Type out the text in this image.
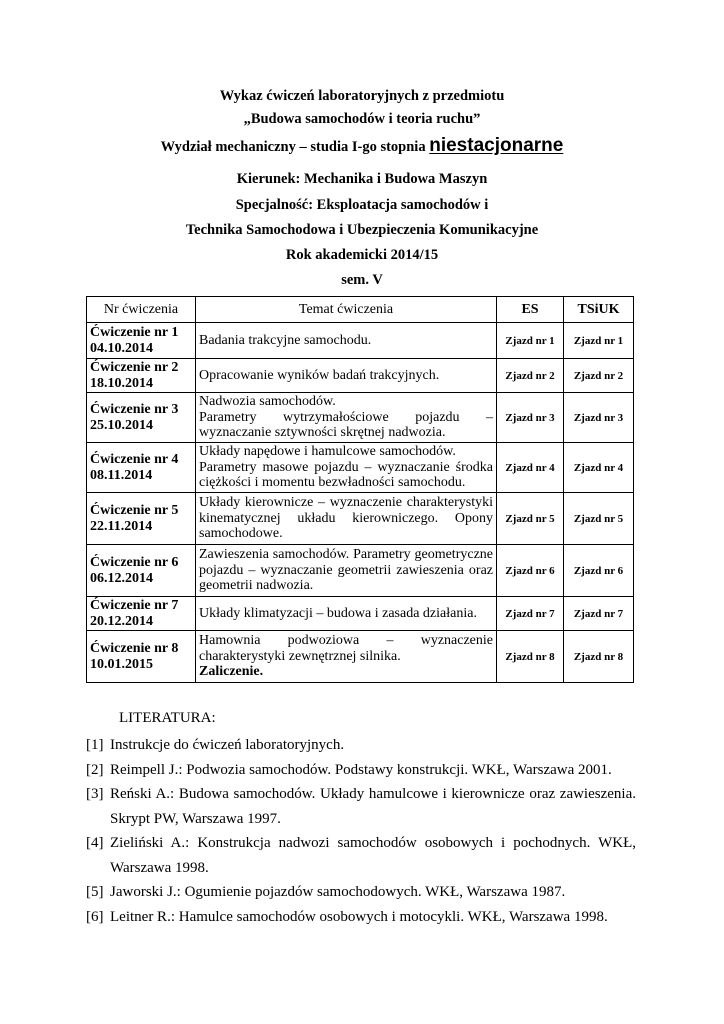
Wykaz ćwiczeń laboratoryjnych z przedmiotu
„Budowa samochodów i teoria ruchu”
Wydział mechaniczny – studia I-go stopnia niestacjonarne
Kierunek: Mechanika i Budowa Maszyn
Specjalność: Eksploatacja samochodów i
Technika Samochodowa i Ubezpieczenia Komunikacyjne
Rok akademicki 2014/15
sem. V
Nr ćwiczenia	Temat ćwiczenia	ES	TSiUK

Ćwiczenie nr 1
04.10.2014	Badania trakcyjne samochodu.	Zjazd nr 1	Zjazd nr 1

Ćwiczenie nr 2
18.10.2014	Opracowanie wyników badań trakcyjnych.	Zjazd nr 2	Zjazd nr 2

Ćwiczenie nr 3
25.10.2014	Nadwozia samochodów.
Parametry wytrzymałościowe pojazdu – wyznaczanie sztywności skrętnej nadwozia.	Zjazd nr 3	Zjazd nr 3

Ćwiczenie nr 4
08.11.2014	Układy napędowe i hamulcowe samochodów.
Parametry masowe pojazdu – wyznaczanie środka ciężkości i momentu bezwładności samochodu.	Zjazd nr 4	Zjazd nr 4

Ćwiczenie nr 5
22.11.2014	Układy kierownicze – wyznaczenie charakterystyki kinematycznej układu kierowniczego. Opony samochodowe.	Zjazd nr 5	Zjazd nr 5

Ćwiczenie nr 6
06.12.2014	Zawieszenia samochodów. Parametry geometryczne pojazdu – wyznaczanie geometrii zawieszenia oraz geometrii nadwozia.	Zjazd nr 6	Zjazd nr 6

Ćwiczenie nr 7
20.12.2014	Układy klimatyzacji – budowa i zasada działania.	Zjazd nr 7	Zjazd nr 7

Ćwiczenie nr 8
10.01.2015	Hamownia podwoziowa – wyznaczenie charakterystyki zewnętrznej silnika.
Zaliczenie.	Zjazd nr 8	Zjazd nr 8
LITERATURA:
[1] Instrukcje do ćwiczeń laboratoryjnych.
[2] Reimpell J.: Podwozia samochodów. Podstawy konstrukcji. WKŁ, Warszawa 2001.
[3] Reński A.: Budowa samochodów. Układy hamulcowe i kierownicze oraz zawieszenia. Skrypt PW, Warszawa 1997.
[4] Zieliński A.: Konstrukcja nadwozi samochodów osobowych i pochodnych. WKŁ, Warszawa 1998.
[5] Jaworski J.: Ogumienie pojazdów samochodowych. WKŁ, Warszawa 1987.
[6] Leitner R.: Hamulce samochodów osobowych i motocykli. WKŁ, Warszawa 1998.
